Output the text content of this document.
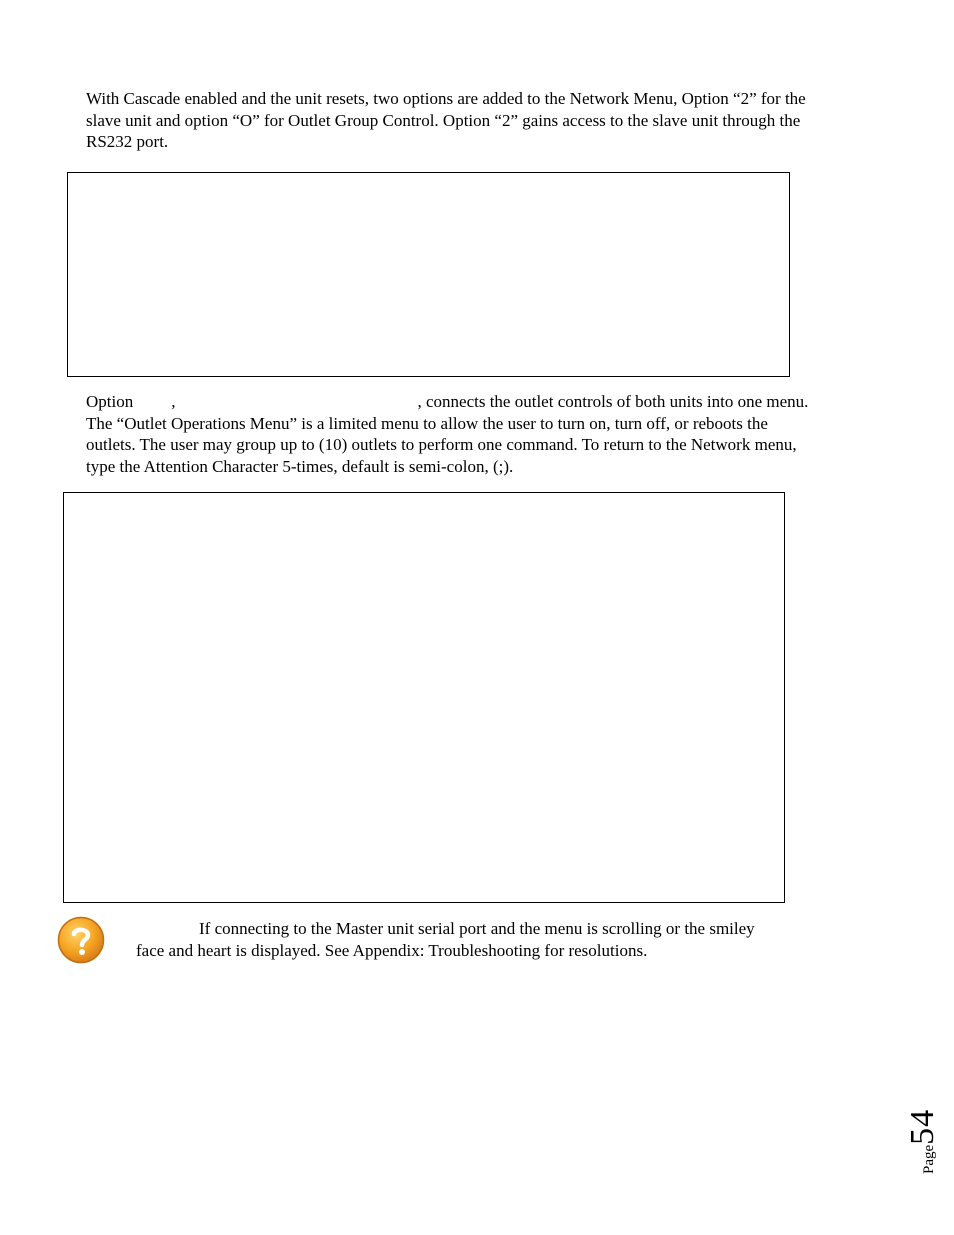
With Cascade enabled and the unit resets, two options are added to the Network Menu, Option “2” for the slave unit and option “O” for Outlet Group Control. Option “2” gains access to the slave unit through the RS232 port.

Option ,	, connects the outlet controls of both units into one menu. The “Outlet Operations Menu” is a limited menu to allow the user to turn on, turn off, or reboots the outlets. The user may group up to (10) outlets to perform one command. To return to the Network menu, type the Attention Character 5-times, default is semi-colon, (;).

If connecting to the Master unit serial port and the menu is scrolling or the smiley face and heart is displayed. See Appendix: Troubleshooting for resolutions.

Page54
